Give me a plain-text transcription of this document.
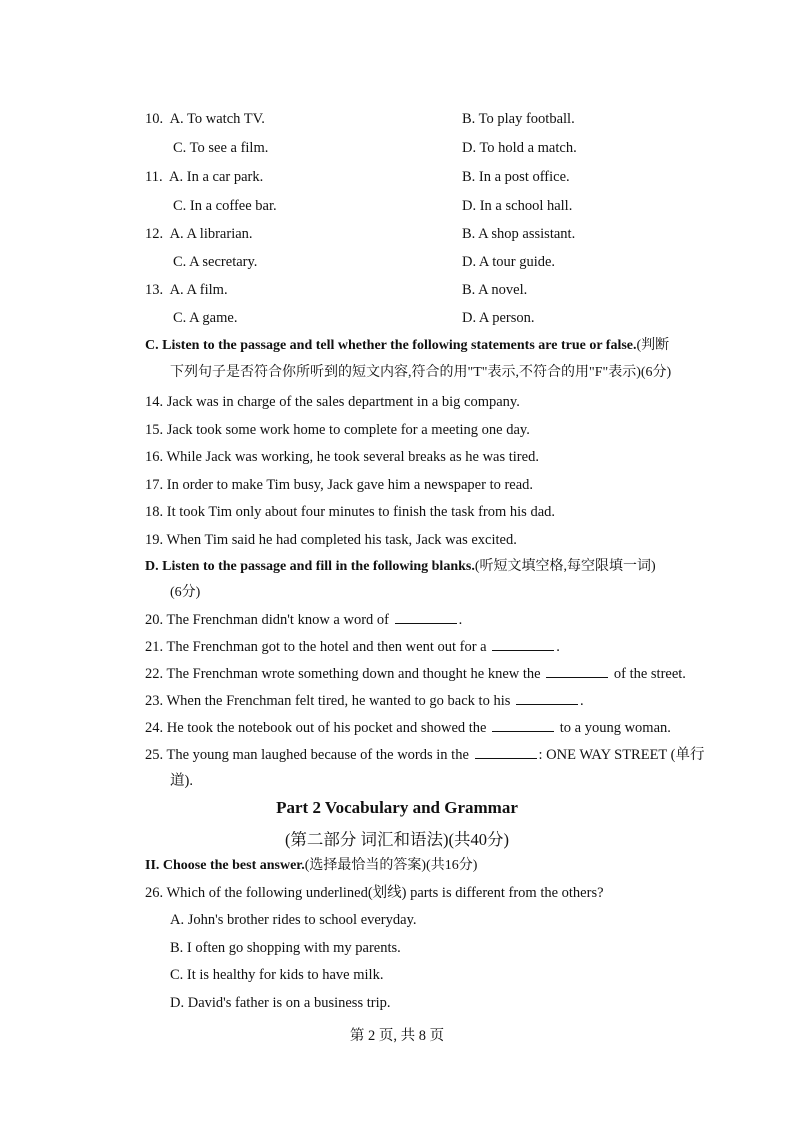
10. A. To watch TV.	B. To play football.
C. To see a film.	D. To hold a match.
11. A. In a car park.	B. In a post office.
C. In a coffee bar.	D. In a school hall.
12. A. A librarian.	B. A shop assistant.
C. A secretary.	D. A tour guide.
13. A. A film.	B. A novel.
C. A game.	D. A person.
C. Listen to the passage and tell whether the following statements are true or false.(判断
下列句子是否符合你所听到的短文内容,符合的用"T"表示,不符合的用"F"表示)(6分)
14. Jack was in charge of the sales department in a big company.
15. Jack took some work home to complete for a meeting one day.
16. While Jack was working, he took several breaks as he was tired.
17. In order to make Tim busy, Jack gave him a newspaper to read.
18. It took Tim only about four minutes to finish the task from his dad.
19. When Tim said he had completed his task, Jack was excited.
D. Listen to the passage and fill in the following blanks.(听短文填空格,每空限填一词)
(6分)
20. The Frenchman didn't know a word of	.
21. The Frenchman got to the hotel and then went out for a	.
22. The Frenchman wrote something down and thought he knew the	of the street.
23. When the Frenchman felt tired, he wanted to go back to his	.
24. He took the notebook out of his pocket and showed the	to a young woman.
25. The young man laughed because of the words in the	: ONE WAY STREET (单行
道).
Part 2 Vocabulary and Grammar
(第二部分 词汇和语法)(共40分)
II. Choose the best answer.(选择最恰当的答案)(共16分)
26. Which of the following underlined(划线) parts is different from the others?
A. John's brother rides to school everyday.
B. I often go shopping with my parents.
C. It is healthy for kids to have milk.
D. David's father is on a business trip.
第 2 页, 共 8 页
